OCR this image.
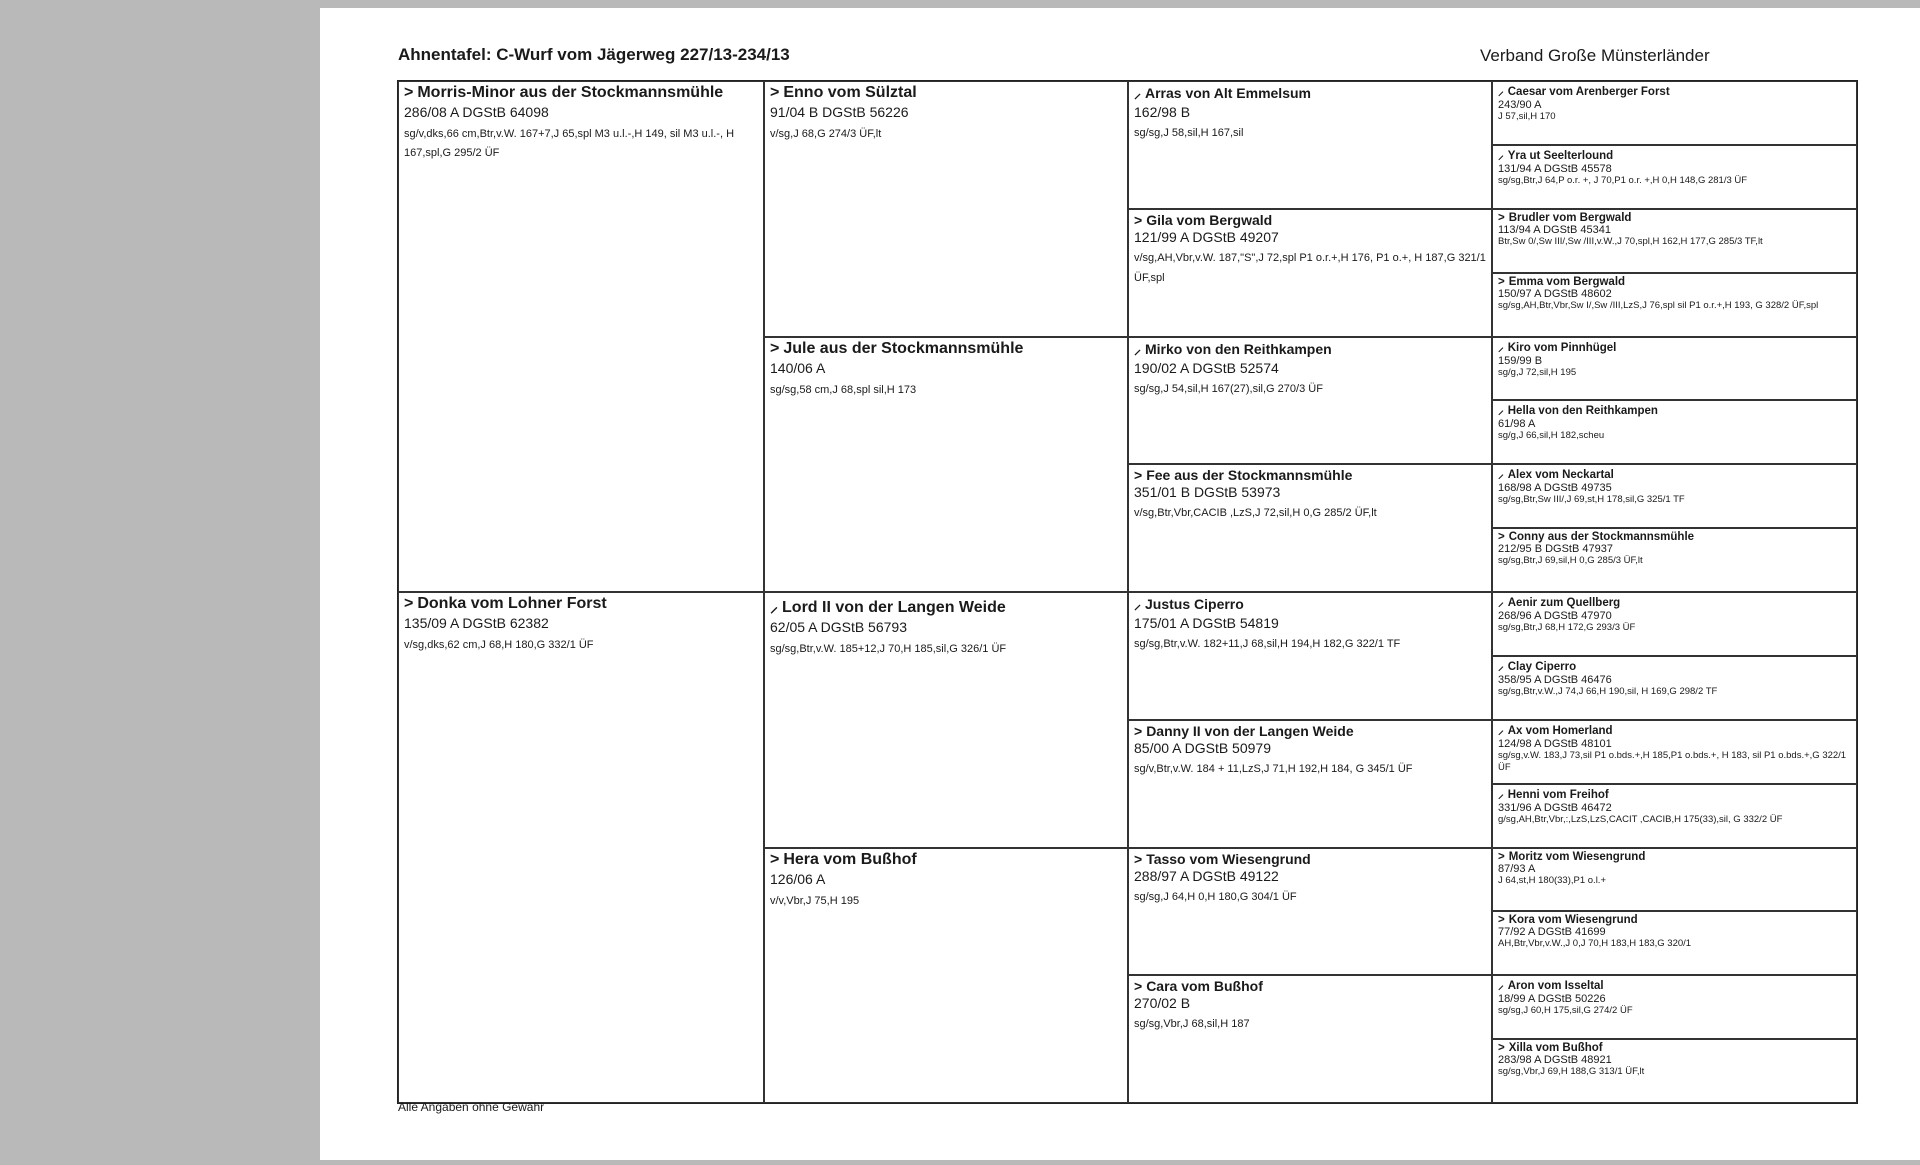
Ahnentafel: C-Wurf vom Jägerweg 227/13-234/13	Verband Große Münsterländer
> Morris-Minor aus der Stockmannsmühle
286/08 A DGStB 64098
sg/v,dks,66 cm,Btr,v.W. 167+7,J 65,spl M3 u.l.-,H 149, sil M3 u.l.-, H 167,spl,G 295/2 ÜF
> Donka vom Lohner Forst
135/09 A DGStB 62382
v/sg,dks,62 cm,J 68,H 180,G 332/1 ÜF
> Enno vom Sülztal
91/04 B DGStB 56226
v/sg,J 68,G 274/3 ÜF,lt
> Jule aus der Stockmannsmühle
140/06 A
sg/sg,58 cm,J 68,spl sil,H 173
⸝ Lord II von der Langen Weide
62/05 A DGStB 56793
sg/sg,Btr,v.W. 185+12,J 70,H 185,sil,G 326/1 ÜF
> Hera vom Bußhof
126/06 A
v/v,Vbr,J 75,H 195
⸝ Arras von Alt Emmelsum
162/98 B
sg/sg,J 58,sil,H 167,sil
> Gila vom Bergwald
121/99 A DGStB 49207
v/sg,AH,Vbr,v.W. 187,"S",J 72,spl P1 o.r.+,H 176, P1 o.+, H 187,G 321/1 ÜF,spl
⸝ Mirko von den Reithkampen
190/02 A DGStB 52574
sg/sg,J 54,sil,H 167(27),sil,G 270/3 ÜF
> Fee aus der Stockmannsmühle
351/01 B DGStB 53973
v/sg,Btr,Vbr,CACIB ,LzS,J 72,sil,H 0,G 285/2 ÜF,lt
⸝ Justus Ciperro
175/01 A DGStB 54819
sg/sg,Btr,v.W. 182+11,J 68,sil,H 194,H 182,G 322/1 TF
> Danny II von der Langen Weide
85/00 A DGStB 50979
sg/v,Btr,v.W. 184 + 11,LzS,J 71,H 192,H 184, G 345/1 ÜF
> Tasso vom Wiesengrund
288/97 A DGStB 49122
sg/sg,J 64,H 0,H 180,G 304/1 ÜF
> Cara vom Bußhof
270/02 B
sg/sg,Vbr,J 68,sil,H 187
⸝ Caesar vom Arenberger Forst
243/90 A
J 57,sil,H 170
⸝ Yra ut Seelterlound
131/94 A DGStB 45578
sg/sg,Btr,J 64,P o.r. +, J 70,P1 o.r. +,H 0,H 148,G 281/3 ÜF
> Brudler vom Bergwald
113/94 A DGStB 45341
Btr,Sw 0/,Sw III/,Sw /III,v.W.,J 70,spl,H 162,H 177,G 285/3 TF,lt
> Emma vom Bergwald
150/97 A DGStB 48602
sg/sg,AH,Btr,Vbr,Sw I/,Sw /III,LzS,J 76,spl sil P1 o.r.+,H 193, G 328/2 ÜF,spl
⸝ Kiro vom Pinnhügel
159/99 B
sg/g,J 72,sil,H 195
⸝ Hella von den Reithkampen
61/98 A
sg/g,J 66,sil,H 182,scheu
⸝ Alex vom Neckartal
168/98 A DGStB 49735
sg/sg,Btr,Sw III/,J 69,st,H 178,sil,G 325/1 TF
> Conny aus der Stockmannsmühle
212/95 B DGStB 47937
sg/sg,Btr,J 69,sil,H 0,G 285/3 ÜF,lt
⸝ Aenir zum Quellberg
268/96 A DGStB 47970
sg/sg,Btr,J 68,H 172,G 293/3 ÜF
⸝ Clay Ciperro
358/95 A DGStB 46476
sg/sg,Btr,v.W.,J 74,J 66,H 190,sil, H 169,G 298/2 TF
⸝ Ax vom Homerland
124/98 A DGStB 48101
sg/sg,v.W. 183,J 73,sil P1 o.bds.+,H 185,P1 o.bds.+, H 183, sil P1 o.bds.+,G 322/1 ÜF
⸝ Henni vom Freihof
331/96 A DGStB 46472
g/sg,AH,Btr,Vbr,:,LzS,LzS,CACIT ,CACIB,H 175(33),sil, G 332/2 ÜF
> Moritz vom Wiesengrund
87/93 A
J 64,st,H 180(33),P1 o.l.+
> Kora vom Wiesengrund
77/92 A DGStB 41699
AH,Btr,Vbr,v.W.,J 0,J 70,H 183,H 183,G 320/1
⸝ Aron vom Isseltal
18/99 A DGStB 50226
sg/sg,J 60,H 175,sil,G 274/2 ÜF
> Xilla vom Bußhof
283/98 A DGStB 48921
sg/sg,Vbr,J 69,H 188,G 313/1 ÜF,lt
Alle Angaben ohne Gewähr
